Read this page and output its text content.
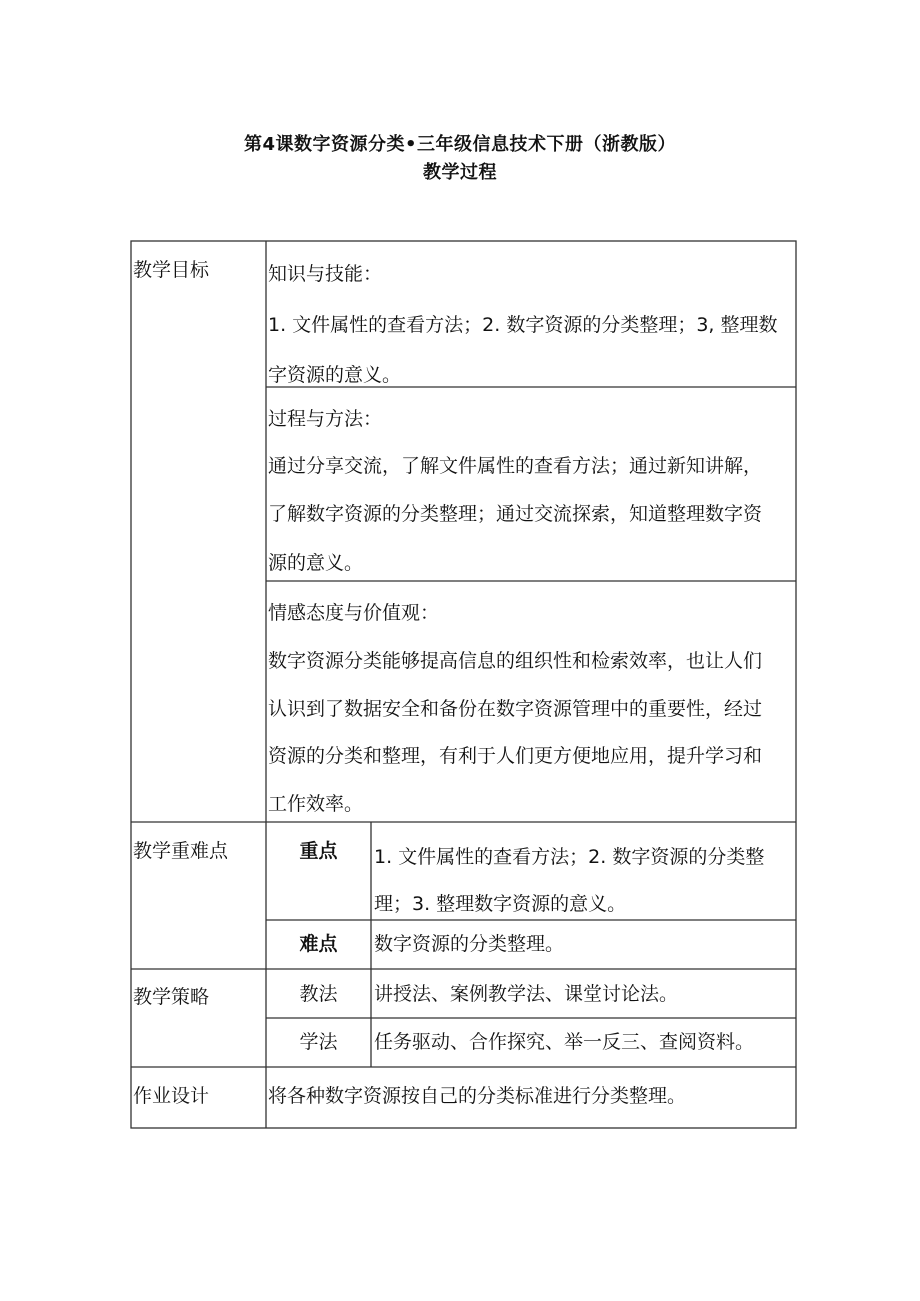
第4课数字资源分类•三年级信息技术下册（浙教版）
教学过程
教学目标	知识与技能：
1. 文件属性的查看方法；2. 数字资源的分类整理；3, 整理数
字资源的意义。
过程与方法：
通过分享交流，了解文件属性的查看方法；通过新知讲解，
了解数字资源的分类整理；通过交流探索，知道整理数字资
源的意义。
情感态度与价值观：
数字资源分类能够提高信息的组织性和检索效率，也让人们
认识到了数据安全和备份在数字资源管理中的重要性，经过
资源的分类和整理，有利于人们更方便地应用，提升学习和
工作效率。
教学重难点	重点	1. 文件属性的查看方法；2. 数字资源的分类整
理；3. 整理数字资源的意义。
难点	数字资源的分类整理。
教学策略	教法	讲授法、案例教学法、课堂讨论法。
学法	任务驱动、合作探究、举一反三、查阅资料。
作业设计	将各种数字资源按自己的分类标准进行分类整理。
